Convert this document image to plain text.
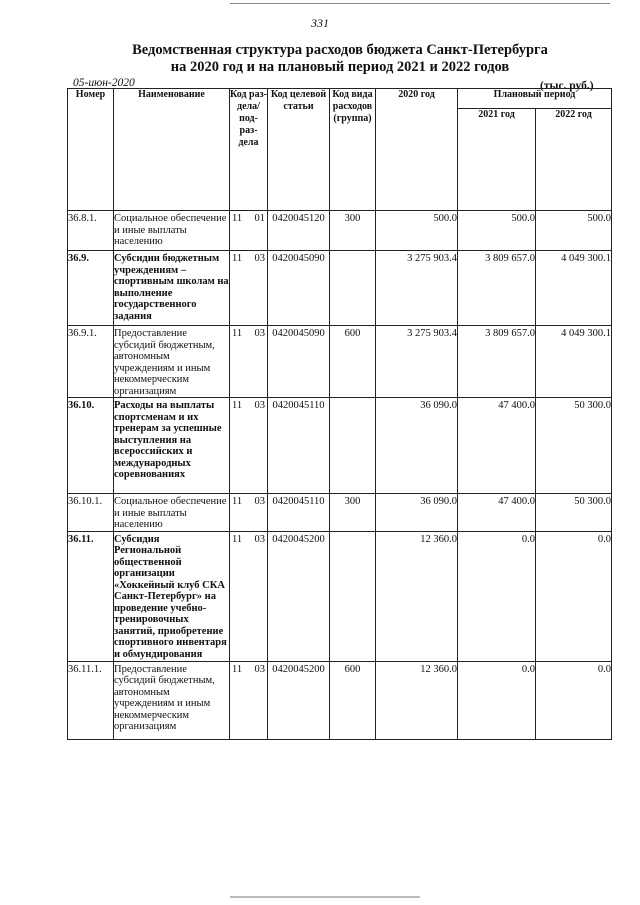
331
Ведомственная структура расходов бюджета Санкт-Петербурга
на 2020 год и на плановый период 2021 и 2022 годов
05-июн-2020	(тыс. руб.)
Номер	Наименование	Код раз- дела/ под- раз- дела	Код целевой статьи	Код вида расходов (группа)	2020 год	Плановый период	
						2021 год	2022 год
36.8.1.	Социальное обеспечение и иные выплаты населению	11 01	0420045120	300	500.0	500.0	500.0
36.9.	Субсидии бюджетным учреждениям – спортивным школам на выполнение государственного задания	11 03	0420045090		3 275 903.4	3 809 657.0	4 049 300.1
36.9.1.	Предоставление субсидий бюджетным, автономным учреждениям и иным некоммерческим организациям	11 03	0420045090	600	3 275 903.4	3 809 657.0	4 049 300.1
36.10.	Расходы на выплаты спортсменам и их тренерам за успешные выступления на всероссийских и международных соревнованиях	11 03	0420045110		36 090.0	47 400.0	50 300.0
36.10.1.	Социальное обеспечение и иные выплаты населению	11 03	0420045110	300	36 090.0	47 400.0	50 300.0
36.11.	Субсидия Региональной общественной организации «Хоккейный клуб СКА Санкт-Петербург» на проведение учебно-тренировочных занятий, приобретение спортивного инвентаря и обмундирования	11 03	0420045200		12 360.0	0.0	0.0
36.11.1.	Предоставление субсидий бюджетным, автономным учреждениям и иным некоммерческим организациям	11 03	0420045200	600	12 360.0	0.0	0.0
